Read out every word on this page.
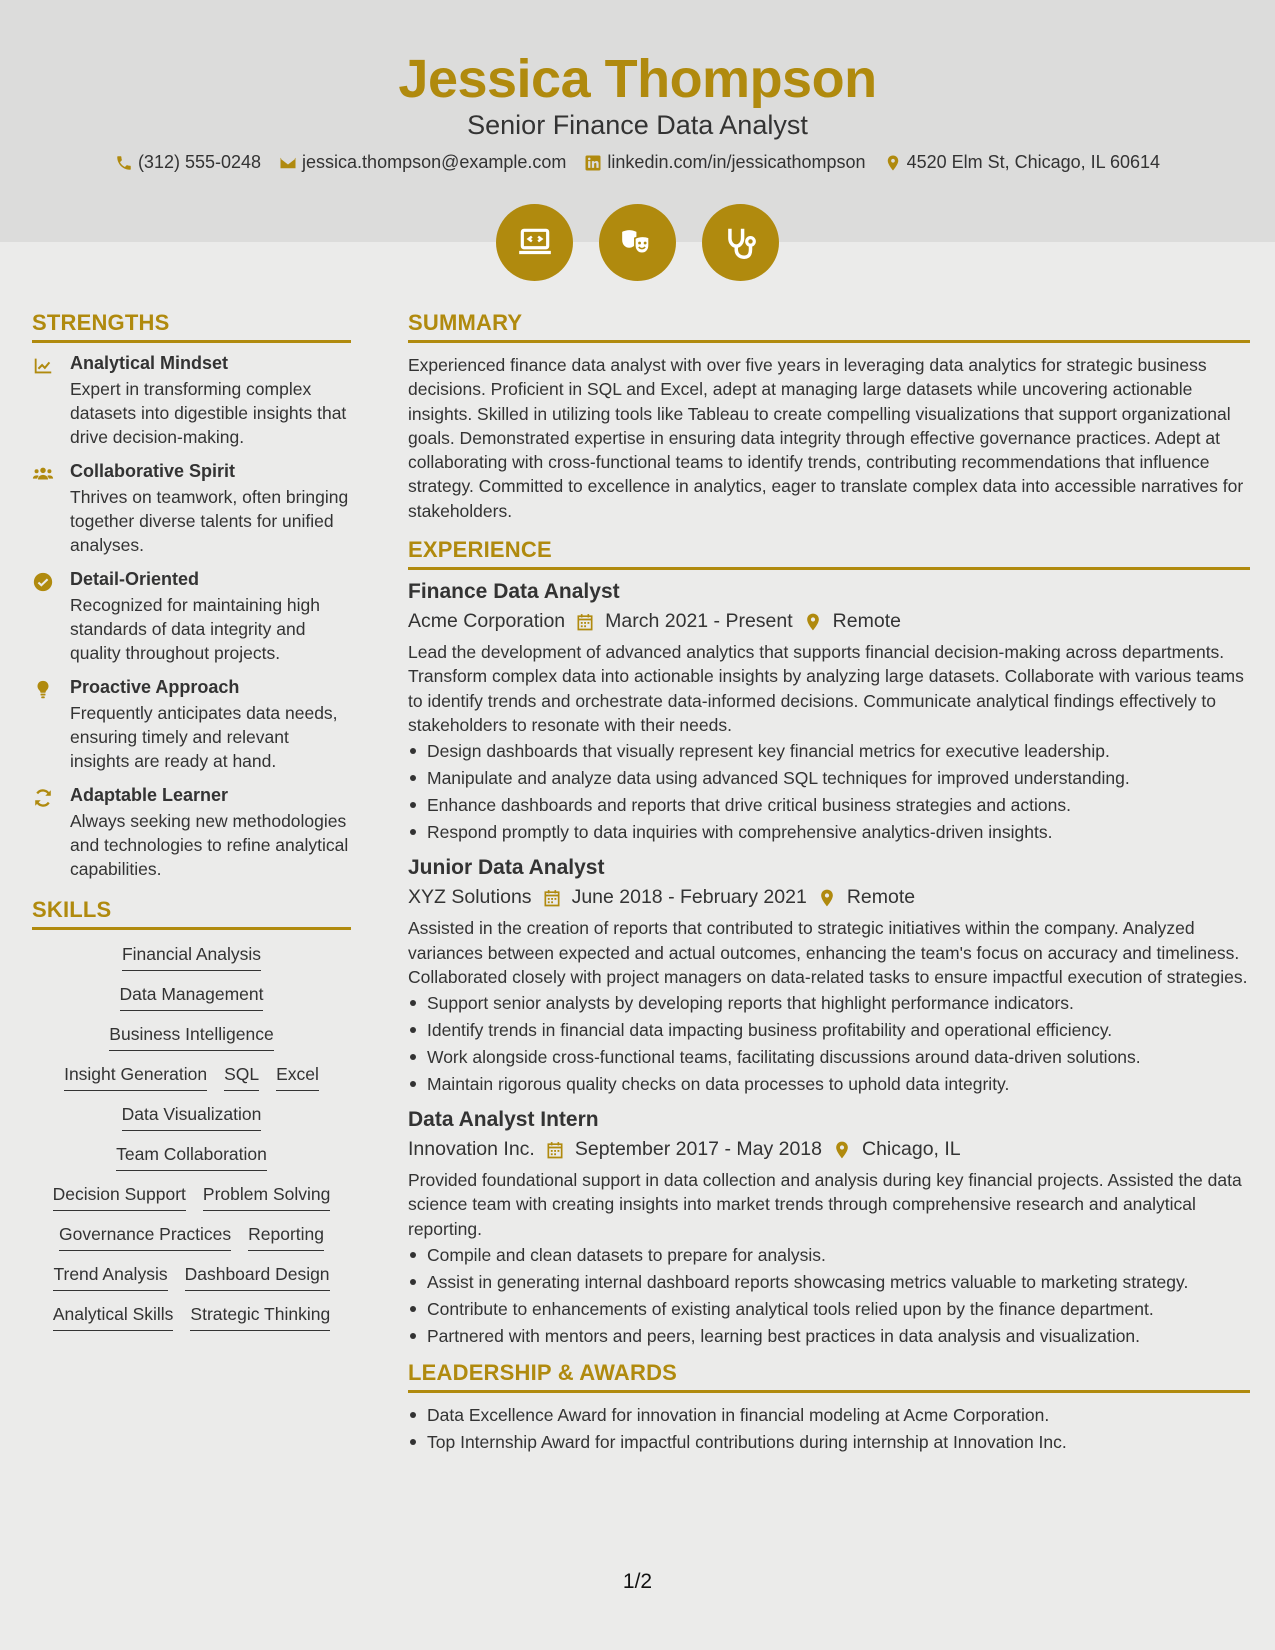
Jessica Thompson
Senior Finance Data Analyst
(312) 555-0248 jessica.thompson@example.com linkedin.com/in/jessicathompson 4520 Elm St, Chicago, IL 60614
STRENGTHS
Analytical Mindset
Expert in transforming complex datasets into digestible insights that drive decision-making.
Collaborative Spirit
Thrives on teamwork, often bringing together diverse talents for unified analyses.
Detail-Oriented
Recognized for maintaining high standards of data integrity and quality throughout projects.
Proactive Approach
Frequently anticipates data needs, ensuring timely and relevant insights are ready at hand.
Adaptable Learner
Always seeking new methodologies and technologies to refine analytical capabilities.
SKILLS
Financial Analysis
Data Management
Business Intelligence
Insight Generation SQL Excel
Data Visualization
Team Collaboration
Decision Support Problem Solving
Governance Practices Reporting
Trend Analysis Dashboard Design
Analytical Skills Strategic Thinking
SUMMARY
Experienced finance data analyst with over five years in leveraging data analytics for strategic business decisions. Proficient in SQL and Excel, adept at managing large datasets while uncovering actionable insights. Skilled in utilizing tools like Tableau to create compelling visualizations that support organizational goals. Demonstrated expertise in ensuring data integrity through effective governance practices. Adept at collaborating with cross-functional teams to identify trends, contributing recommendations that influence strategy. Committed to excellence in analytics, eager to translate complex data into accessible narratives for stakeholders.
EXPERIENCE
Finance Data Analyst
Acme Corporation March 2021 - Present Remote
Lead the development of advanced analytics that supports financial decision-making across departments. Transform complex data into actionable insights by analyzing large datasets. Collaborate with various teams to identify trends and orchestrate data-informed decisions. Communicate analytical findings effectively to stakeholders to resonate with their needs.
Design dashboards that visually represent key financial metrics for executive leadership.
Manipulate and analyze data using advanced SQL techniques for improved understanding.
Enhance dashboards and reports that drive critical business strategies and actions.
Respond promptly to data inquiries with comprehensive analytics-driven insights.
Junior Data Analyst
XYZ Solutions June 2018 - February 2021 Remote
Assisted in the creation of reports that contributed to strategic initiatives within the company. Analyzed variances between expected and actual outcomes, enhancing the team's focus on accuracy and timeliness. Collaborated closely with project managers on data-related tasks to ensure impactful execution of strategies.
Support senior analysts by developing reports that highlight performance indicators.
Identify trends in financial data impacting business profitability and operational efficiency.
Work alongside cross-functional teams, facilitating discussions around data-driven solutions.
Maintain rigorous quality checks on data processes to uphold data integrity.
Data Analyst Intern
Innovation Inc. September 2017 - May 2018 Chicago, IL
Provided foundational support in data collection and analysis during key financial projects. Assisted the data science team with creating insights into market trends through comprehensive research and analytical reporting.
Compile and clean datasets to prepare for analysis.
Assist in generating internal dashboard reports showcasing metrics valuable to marketing strategy.
Contribute to enhancements of existing analytical tools relied upon by the finance department.
Partnered with mentors and peers, learning best practices in data analysis and visualization.
LEADERSHIP & AWARDS
Data Excellence Award for innovation in financial modeling at Acme Corporation.
Top Internship Award for impactful contributions during internship at Innovation Inc.
1/2
